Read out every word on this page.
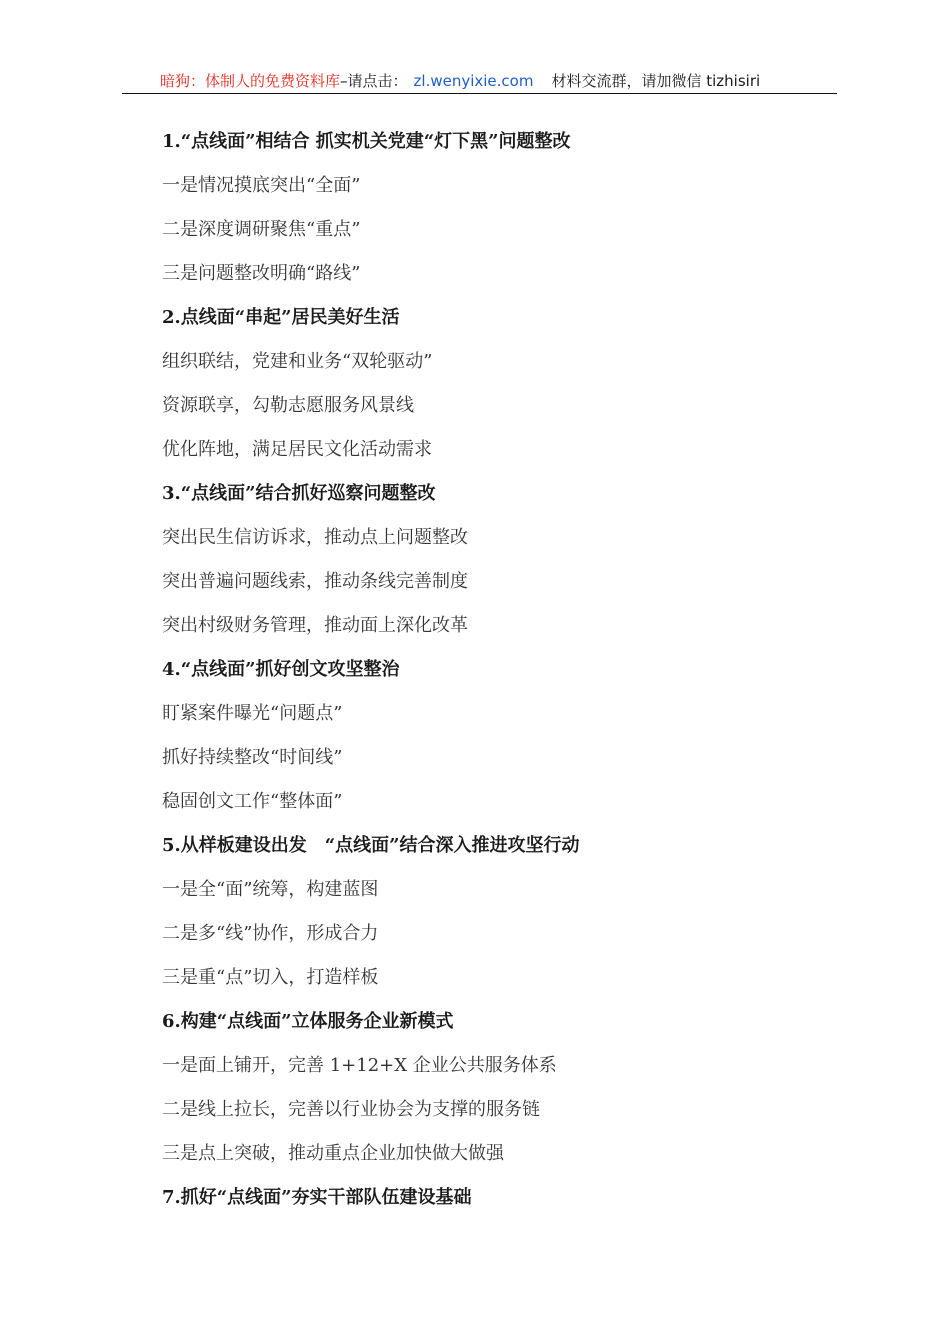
暗狗：体制人的免费资料库–请点击： zl.wenyixie.com 材料交流群，请加微信 tizhisiri
1.“点线面”相结合 抓实机关党建“灯下黑”问题整改
一是情况摸底突出“全面”
二是深度调研聚焦“重点”
三是问题整改明确“路线”
2.点线面“串起”居民美好生活
组织联结，党建和业务“双轮驱动”
资源联享，勾勒志愿服务风景线
优化阵地，满足居民文化活动需求
3.“点线面”结合抓好巡察问题整改
突出民生信访诉求，推动点上问题整改
突出普遍问题线索，推动条线完善制度
突出村级财务管理，推动面上深化改革
4.“点线面”抓好创文攻坚整治
盯紧案件曝光“问题点”
抓好持续整改“时间线”
稳固创文工作“整体面”
5.从样板建设出发　“点线面”结合深入推进攻坚行动
一是全“面”统筹，构建蓝图
二是多“线”协作，形成合力
三是重“点”切入，打造样板
6.构建“点线面”立体服务企业新模式
一是面上铺开，完善 1+12+X 企业公共服务体系
二是线上拉长，完善以行业协会为支撑的服务链
三是点上突破，推动重点企业加快做大做强
7.抓好“点线面”夯实干部队伍建设基础
